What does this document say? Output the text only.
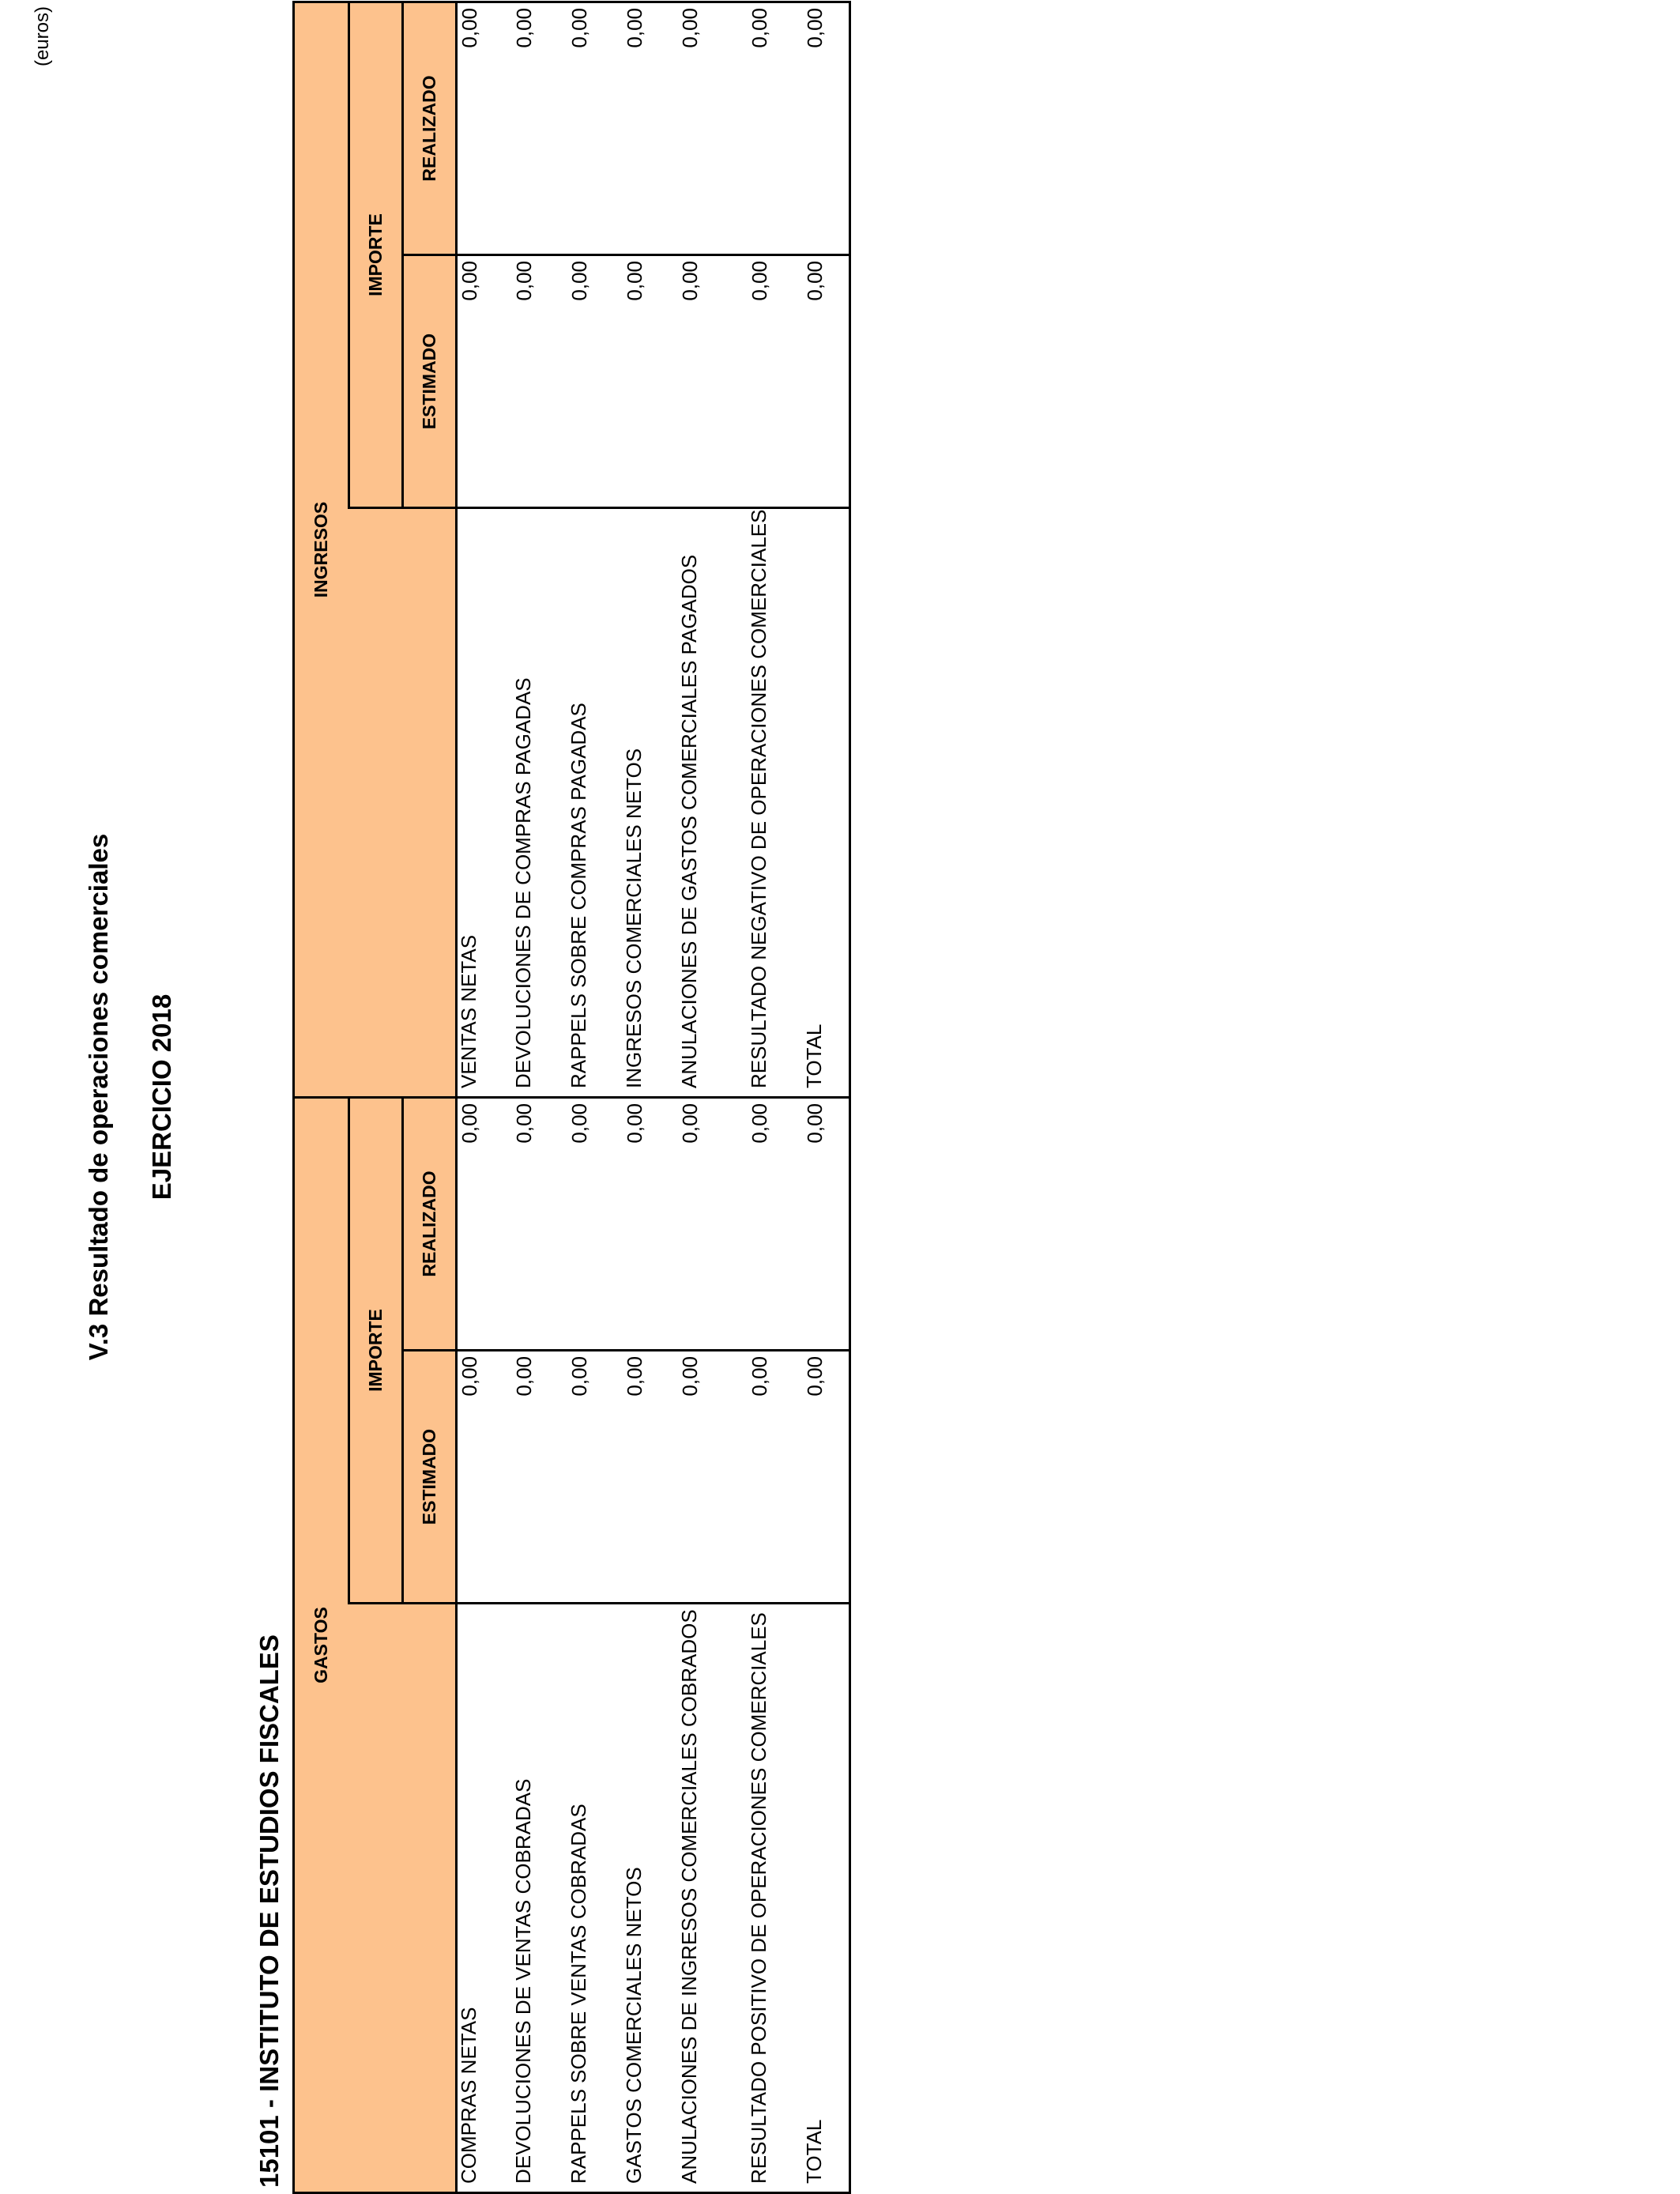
(euros)
V.3 Resultado de operaciones comerciales EJERCICIO 2018
15101 - INSTITUTO DE ESTUDIOS FISCALES GASTOS		
	IMPORTE	
	ESTIMADO	REALIZADO
COMPRAS NETAS	0,00	0,00
DEVOLUCIONES DE VENTAS COBRADAS	0,00	0,00
RAPPELS SOBRE VENTAS COBRADAS	0,00	0,00
GASTOS COMERCIALES NETOS	0,00	0,00
ANULACIONES DE INGRESOS COMERCIALES COBRADOS	0,00	0,00
RESULTADO POSITIVO DE OPERACIONES COMERCIALES	0,00	0,00
TOTAL	0,00	0,00
INGRESOS		
	IMPORTE	
	ESTIMADO	REALIZADO
VENTAS NETAS	0,00	0,00
DEVOLUCIONES DE COMPRAS PAGADAS	0,00	0,00
RAPPELS SOBRE COMPRAS PAGADAS	0,00	0,00
INGRESOS COMERCIALES NETOS	0,00	0,00
ANULACIONES DE GASTOS COMERCIALES PAGADOS	0,00	0,00
RESULTADO NEGATIVO DE OPERACIONES COMERCIALES	0,00	0,00
TOTAL	0,00	0,00
